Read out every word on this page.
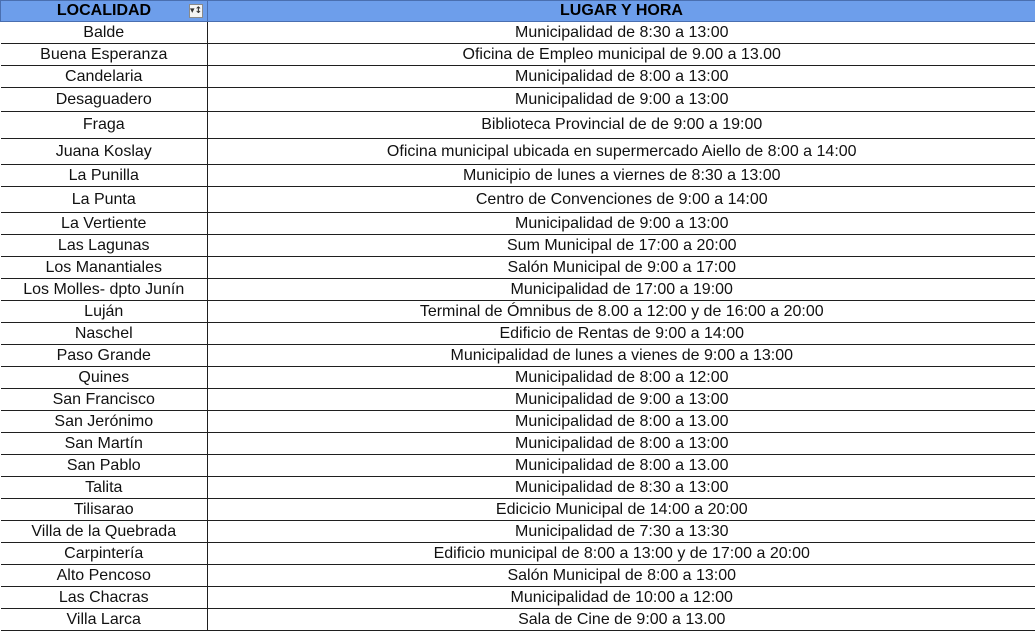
LOCALIDAD ▾↕	LUGAR Y HORA
Balde	Municipalidad de 8:30 a 13:00
Buena Esperanza	Oficina de Empleo municipal de 9.00 a 13.00
Candelaria	Municipalidad de 8:00 a 13:00
Desaguadero	Municipalidad de 9:00 a 13:00
Fraga	Biblioteca Provincial de de 9:00 a 19:00
Juana Koslay	Oficina municipal ubicada en supermercado Aiello de 8:00 a 14:00
La Punilla	Municipio de lunes a viernes de 8:30 a 13:00
La Punta	Centro de Convenciones de 9:00 a 14:00
La Vertiente	Municipalidad de 9:00 a 13:00
Las Lagunas	Sum Municipal de 17:00 a 20:00
Los Manantiales	Salón Municipal de 9:00 a 17:00
Los Molles- dpto Junín	Municipalidad de 17:00 a 19:00
Luján	Terminal de Ómnibus de 8.00 a 12:00 y de 16:00 a 20:00
Naschel	Edificio de Rentas de 9:00 a 14:00
Paso Grande	Municipalidad de lunes a vienes de 9:00 a 13:00
Quines	Municipalidad de 8:00 a 12:00
San Francisco	Municipalidad de 9:00 a 13:00
San Jerónimo	Municipalidad de 8:00 a 13.00
San Martín	Municipalidad de 8:00 a 13:00
San Pablo	Municipalidad de 8:00 a 13.00
Talita	Municipalidad de 8:30 a 13:00
Tilisarao	Edicicio Municipal de 14:00 a 20:00
Villa de la Quebrada	Municipalidad de 7:30 a 13:30
Carpintería	Edificio municipal de 8:00 a 13:00 y de 17:00 a 20:00
Alto Pencoso	Salón Municipal de 8:00 a 13:00
Las Chacras	Municipalidad de 10:00 a 12:00
Villa Larca	Sala de Cine de 9:00 a 13.00
